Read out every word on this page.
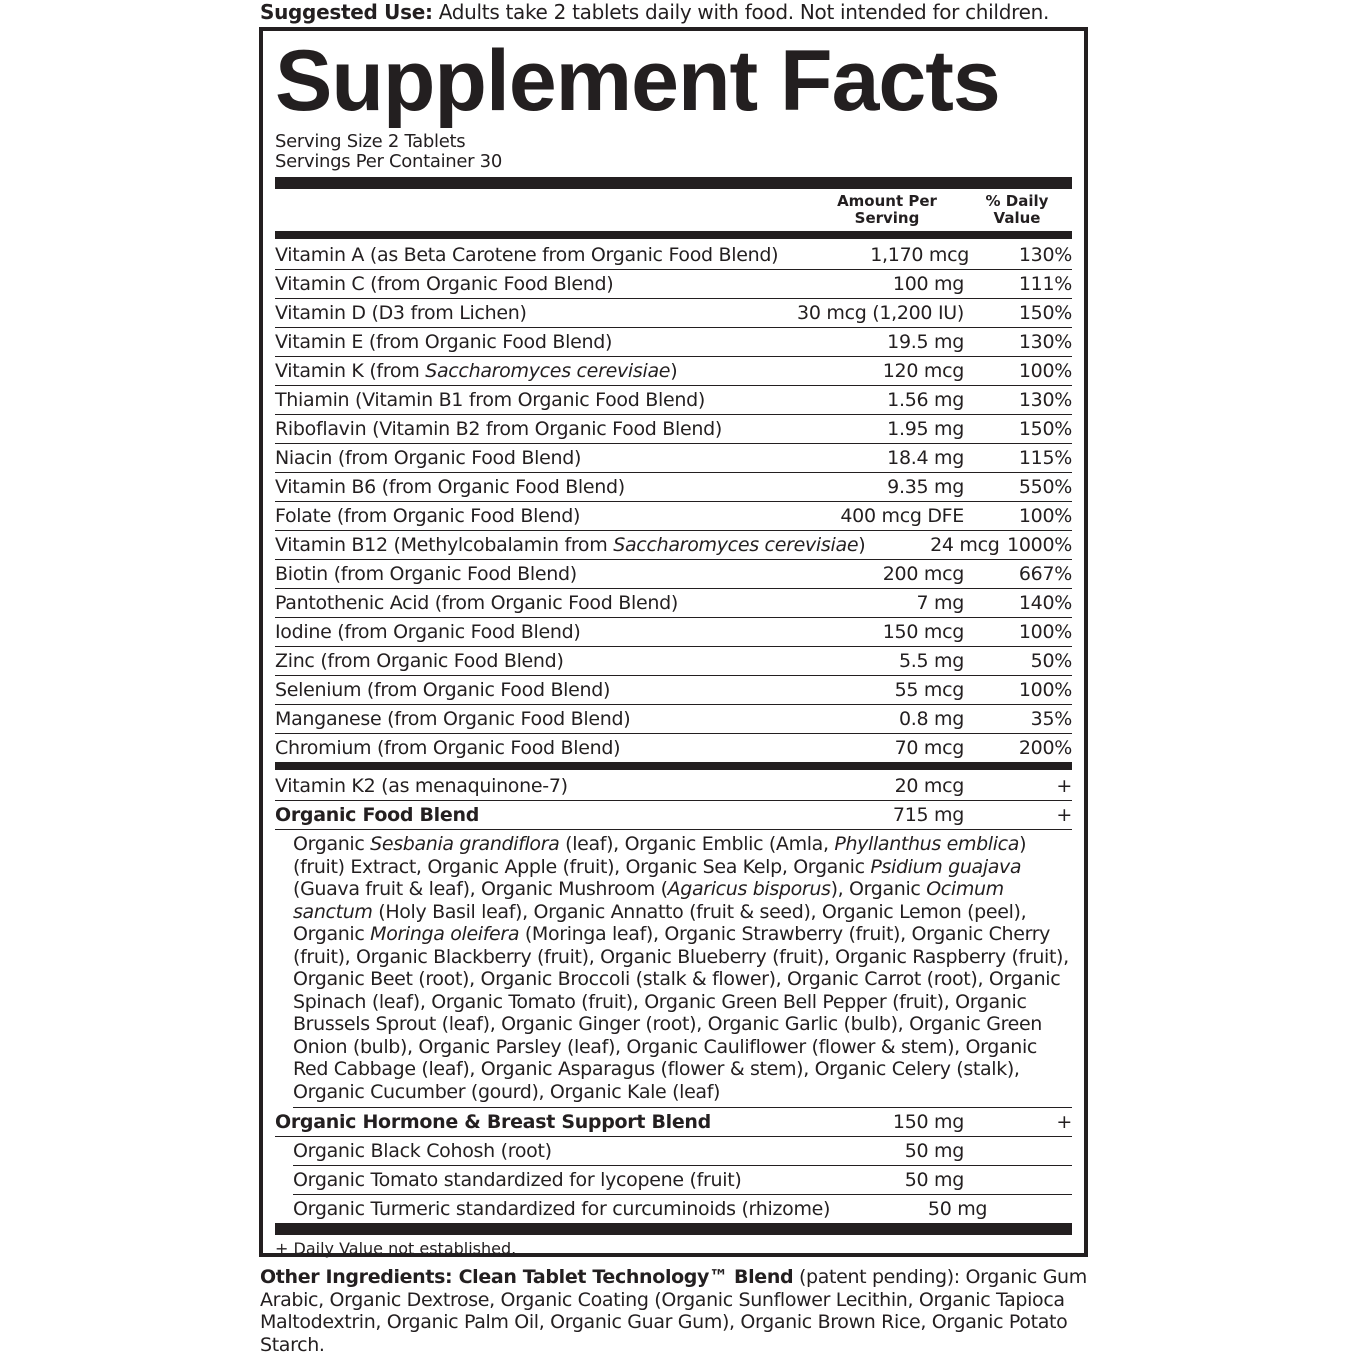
Suggested Use: Adults take 2 tablets daily with food. Not intended for children.
Supplement Facts
Serving Size 2 Tablets
Servings Per Container 30
Amount Per
Serving
% Daily
Value
Vitamin A (as Beta Carotene from Organic Food Blend)	1,170 mcg	130%
Vitamin C (from Organic Food Blend)	100 mg	111%
Vitamin D (D3 from Lichen)	30 mcg (1,200 IU)	150%
Vitamin E (from Organic Food Blend)	19.5 mg	130%
Vitamin K (from Saccharomyces cerevisiae)	120 mcg	100%
Thiamin (Vitamin B1 from Organic Food Blend)	1.56 mg	130%
Riboflavin (Vitamin B2 from Organic Food Blend)	1.95 mg	150%
Niacin (from Organic Food Blend)	18.4 mg	115%
Vitamin B6 (from Organic Food Blend)	9.35 mg	550%
Folate (from Organic Food Blend)	400 mcg DFE	100%
Vitamin B12 (Methylcobalamin from Saccharomyces cerevisiae)	24 mcg 1000%
Biotin (from Organic Food Blend)	200 mcg	667%
Pantothenic Acid (from Organic Food Blend)	7 mg	140%
Iodine (from Organic Food Blend)	150 mcg	100%
Zinc (from Organic Food Blend)	5.5 mg	50%
Selenium (from Organic Food Blend)	55 mcg	100%
Manganese (from Organic Food Blend)	0.8 mg	35%
Chromium (from Organic Food Blend)	70 mcg	200%
Vitamin K2 (as menaquinone-7)	20 mcg	+
Organic Food Blend	715 mg	+
Organic Sesbania grandiflora (leaf), Organic Emblic (Amla, Phyllanthus emblica) (fruit) Extract, Organic Apple (fruit), Organic Sea Kelp, Organic Psidium guajava (Guava fruit & leaf), Organic Mushroom (Agaricus bisporus), Organic Ocimum sanctum (Holy Basil leaf), Organic Annatto (fruit & seed), Organic Lemon (peel), Organic Moringa oleifera (Moringa leaf), Organic Strawberry (fruit), Organic Cherry (fruit), Organic Blackberry (fruit), Organic Blueberry (fruit), Organic Raspberry (fruit), Organic Beet (root), Organic Broccoli (stalk & flower), Organic Carrot (root), Organic Spinach (leaf), Organic Tomato (fruit), Organic Green Bell Pepper (fruit), Organic Brussels Sprout (leaf), Organic Ginger (root), Organic Garlic (bulb), Organic Green Onion (bulb), Organic Parsley (leaf), Organic Cauliflower (flower & stem), Organic Red Cabbage (leaf), Organic Asparagus (flower & stem), Organic Celery (stalk), Organic Cucumber (gourd), Organic Kale (leaf)
Organic Hormone & Breast Support Blend	150 mg	+
Organic Black Cohosh (root)	50 mg
Organic Tomato standardized for lycopene (fruit)	50 mg
Organic Turmeric standardized for curcuminoids (rhizome)	50 mg
+ Daily Value not established.
Other Ingredients: Clean Tablet Technology™ Blend (patent pending): Organic Gum Arabic, Organic Dextrose, Organic Coating (Organic Sunflower Lecithin, Organic Tapioca Maltodextrin, Organic Palm Oil, Organic Guar Gum), Organic Brown Rice, Organic Potato Starch.
